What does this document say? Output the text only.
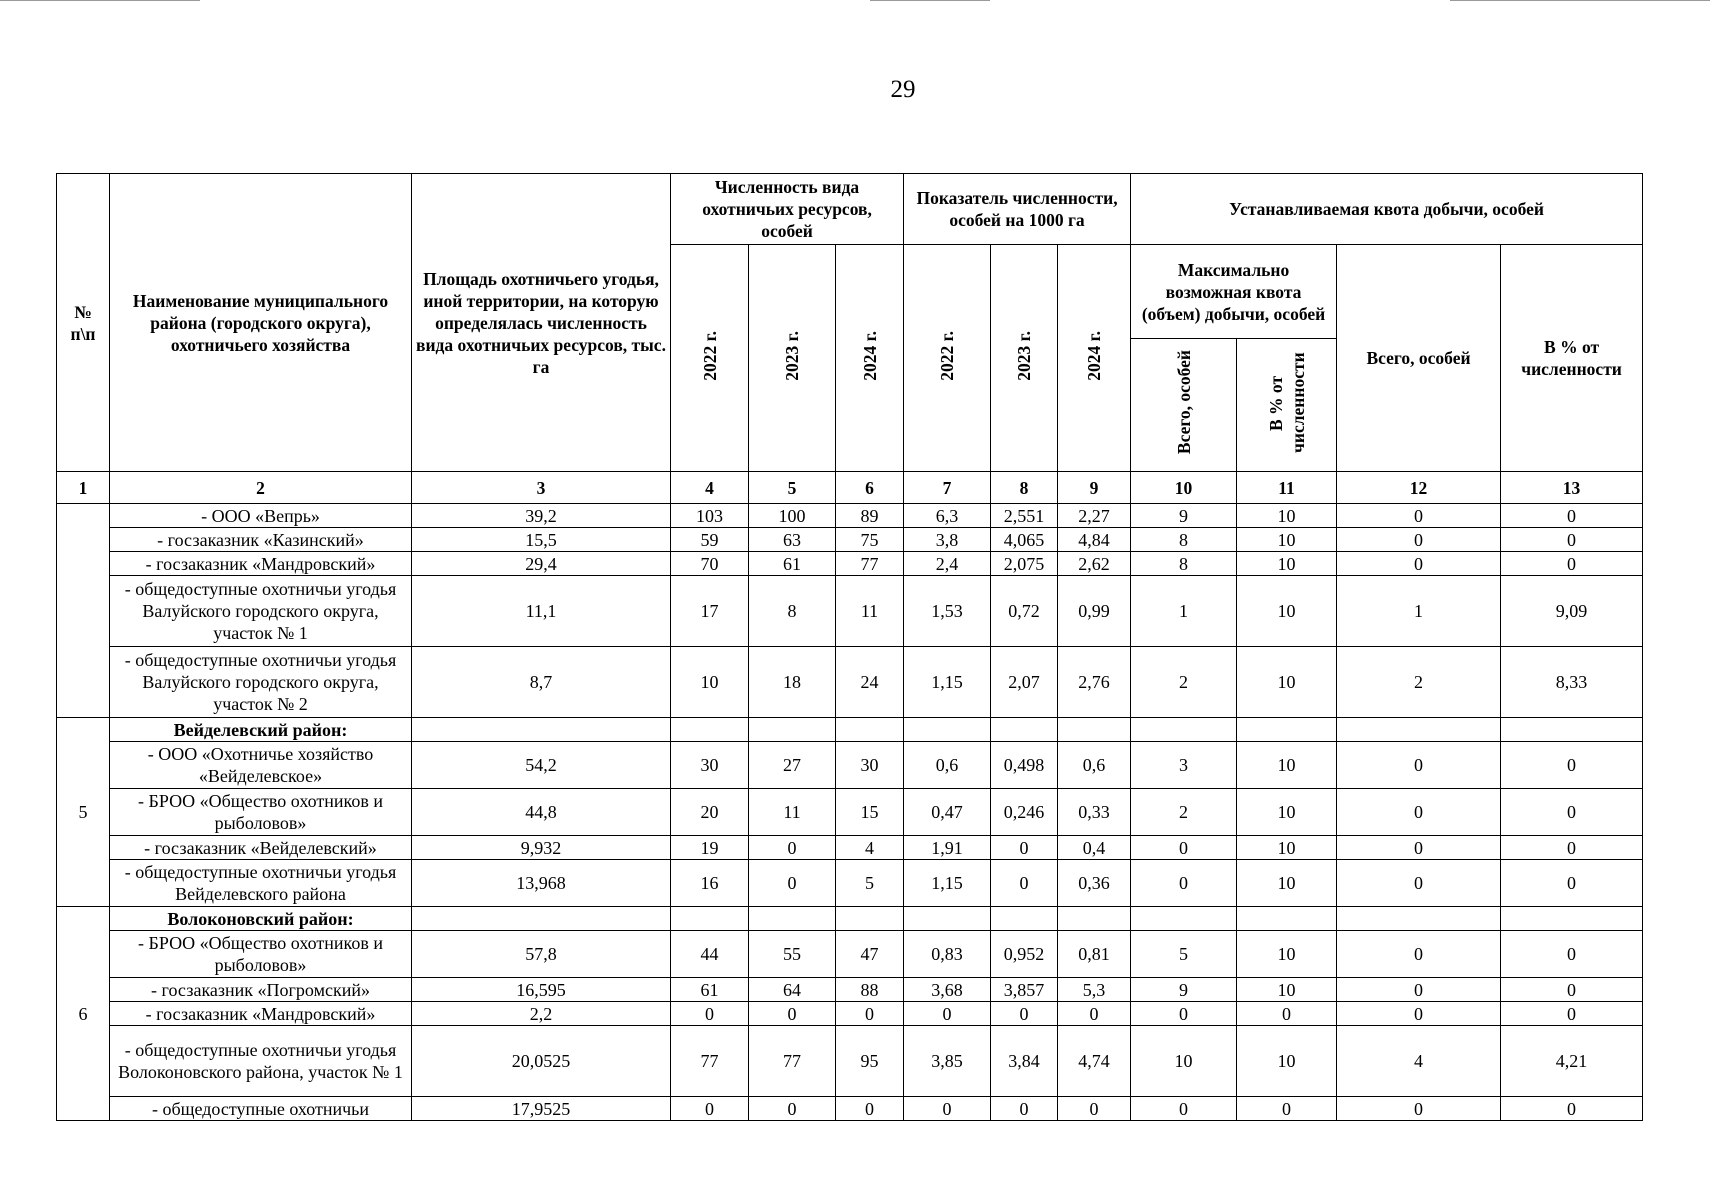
29
№ п\п	Наименование муниципального района (городского округа), охотничьего хозяйства	Площадь охотничьего угодья, иной территории, на которую определялась численность вида охотничьих ресурсов, тыс. га	Численность вида охотничьих ресурсов, особей			Показатель численности, особей на 1000 га			Устанавливаемая квота добычи, особей			
			2022 г.	2023 г.	2024 г.	2022 г.	2023 г.	2024 г.	Максимально возможная квота (объем) добычи, особей		Всего, особей	В % от численности
									Всего, особей	В % от численности		
1	2	3	4	5	6	7	8	9	10	11	12	13
	- ООО «Вепрь»	39,2	103	100	89	6,3	2,551	2,27	9	10	0	0
	- госзаказник «Казинский»	15,5	59	63	75	3,8	4,065	4,84	8	10	0	0
	- госзаказник «Мандровский»	29,4	70	61	77	2,4	2,075	2,62	8	10	0	0
	- общедоступные охотничьи угодья Валуйского городского округа, участок № 1	11,1	17	8	11	1,53	0,72	0,99	1	10	1	9,09
	- общедоступные охотничьи угодья Валуйского городского округа, участок № 2	8,7	10	18	24	1,15	2,07	2,76	2	10	2	8,33
5	Вейделевский район:											
	- ООО «Охотничье хозяйство «Вейделевское»	54,2	30	27	30	0,6	0,498	0,6	3	10	0	0
	- БРОО «Общество охотников и рыболовов»	44,8	20	11	15	0,47	0,246	0,33	2	10	0	0
	- госзаказник «Вейделевский»	9,932	19	0	4	1,91	0	0,4	0	10	0	0
	- общедоступные охотничьи угодья Вейделевского района	13,968	16	0	5	1,15	0	0,36	0	10	0	0
6	Волоконовский район:											
	- БРОО «Общество охотников и рыболовов»	57,8	44	55	47	0,83	0,952	0,81	5	10	0	0
	- госзаказник «Погромский»	16,595	61	64	88	3,68	3,857	5,3	9	10	0	0
	- госзаказник «Мандровский»	2,2	0	0	0	0	0	0	0	0	0	0
	- общедоступные охотничьи угодья Волоконовского района, участок № 1	20,0525	77	77	95	3,85	3,84	4,74	10	10	4	4,21
	- общедоступные охотничьи	17,9525	0	0	0	0	0	0	0	0	0	0
